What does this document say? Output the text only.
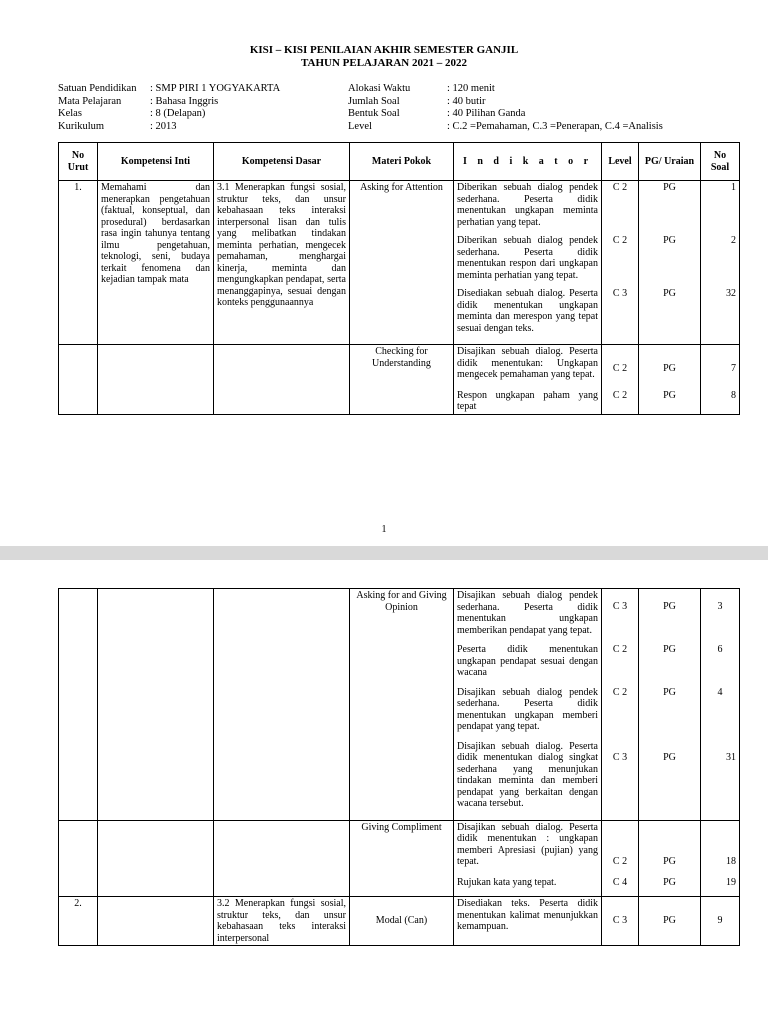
KISI – KISI PENILAIAN AKHIR SEMESTER GANJIL
TAHUN PELAJARAN 2021 – 2022
Satuan Pendidikan : SMP PIRI 1 YOGYAKARTA
Mata Pelajaran	: Bahasa Inggris
Kelas	: 8 (Delapan)
Kurikulum	: 2013
Alokasi Waktu	: 120 menit
Jumlah Soal	: 40 butir
Bentuk Soal	: 40 Pilihan Ganda
Level	: C.2 =Pemahaman, C.3 =Penerapan, C.4 =Analisis
No Urut	Kompetensi Inti	Kompetensi Dasar	Materi Pokok	I n d i k a t o r	Level	PG/ Uraian	No Soal
1.	Memahami dan menerapkan pengetahuan (faktual, konseptual, dan prosedural) berdasarkan rasa ingin tahunya tentang ilmu pengetahuan, teknologi, seni, budaya terkait fenomena dan kejadian tampak mata	3.1 Menerapkan fungsi sosial, struktur teks, dan unsur kebahasaan teks interaksi interpersonal lisan dan tulis yang melibatkan tindakan meminta perhatian, mengecek pemahaman, menghargai kinerja, meminta dan mengungkapkan pendapat, serta menanggapinya, sesuai dengan konteks penggunaannya	Asking for Attention	Diberikan sebuah dialog pendek sederhana. Peserta didik menentukan ungkapan meminta perhatian yang tepat.	C 2	PG	1
				Diberikan sebuah dialog pendek sederhana. Peserta didik menentukan respon dari ungkapan meminta perhatian yang tepat.	C 2	PG	2
				Disediakan sebuah dialog. Peserta didik menentukan ungkapan meminta dan merespon yang tepat sesuai dengan teks.	C 3	PG	32
			Checking for Understanding	Disajikan sebuah dialog. Peserta didik menentukan: Ungkapan mengecek pemahaman yang tepat.	C 2	PG	7
				Respon ungkapan paham yang tepat	C 2	PG	8
1
			Asking for and Giving Opinion	Disajikan sebuah dialog pendek sederhana. Peserta didik menentukan ungkapan memberikan pendapat yang tepat.	C 3	PG	3
				Peserta didik menentukan ungkapan pendapat sesuai dengan wacana	C 2	PG	6
				Disajikan sebuah dialog pendek sederhana. Peserta didik menentukan ungkapan memberi pendapat yang tepat.	C 2	PG	4
				Disajikan sebuah dialog. Peserta didik menentukan dialog singkat sederhana yang menunjukan tindakan meminta dan memberi pendapat yang berkaitan dengan wacana tersebut.	C 3	PG	31
			Giving Compliment	Disajikan sebuah dialog. Peserta didik menentukan : ungkapan memberi Apresiasi (pujian) yang tepat.	C 2	PG	18
				Rujukan kata yang tepat.	C 4	PG	19
2.		3.2 Menerapkan fungsi sosial, struktur teks, dan unsur kebahasaan teks interaksi interpersonal	Modal (Can)	Disediakan teks. Peserta didik menentukan kalimat menunjukkan kemampuan.	C 3	PG	9
